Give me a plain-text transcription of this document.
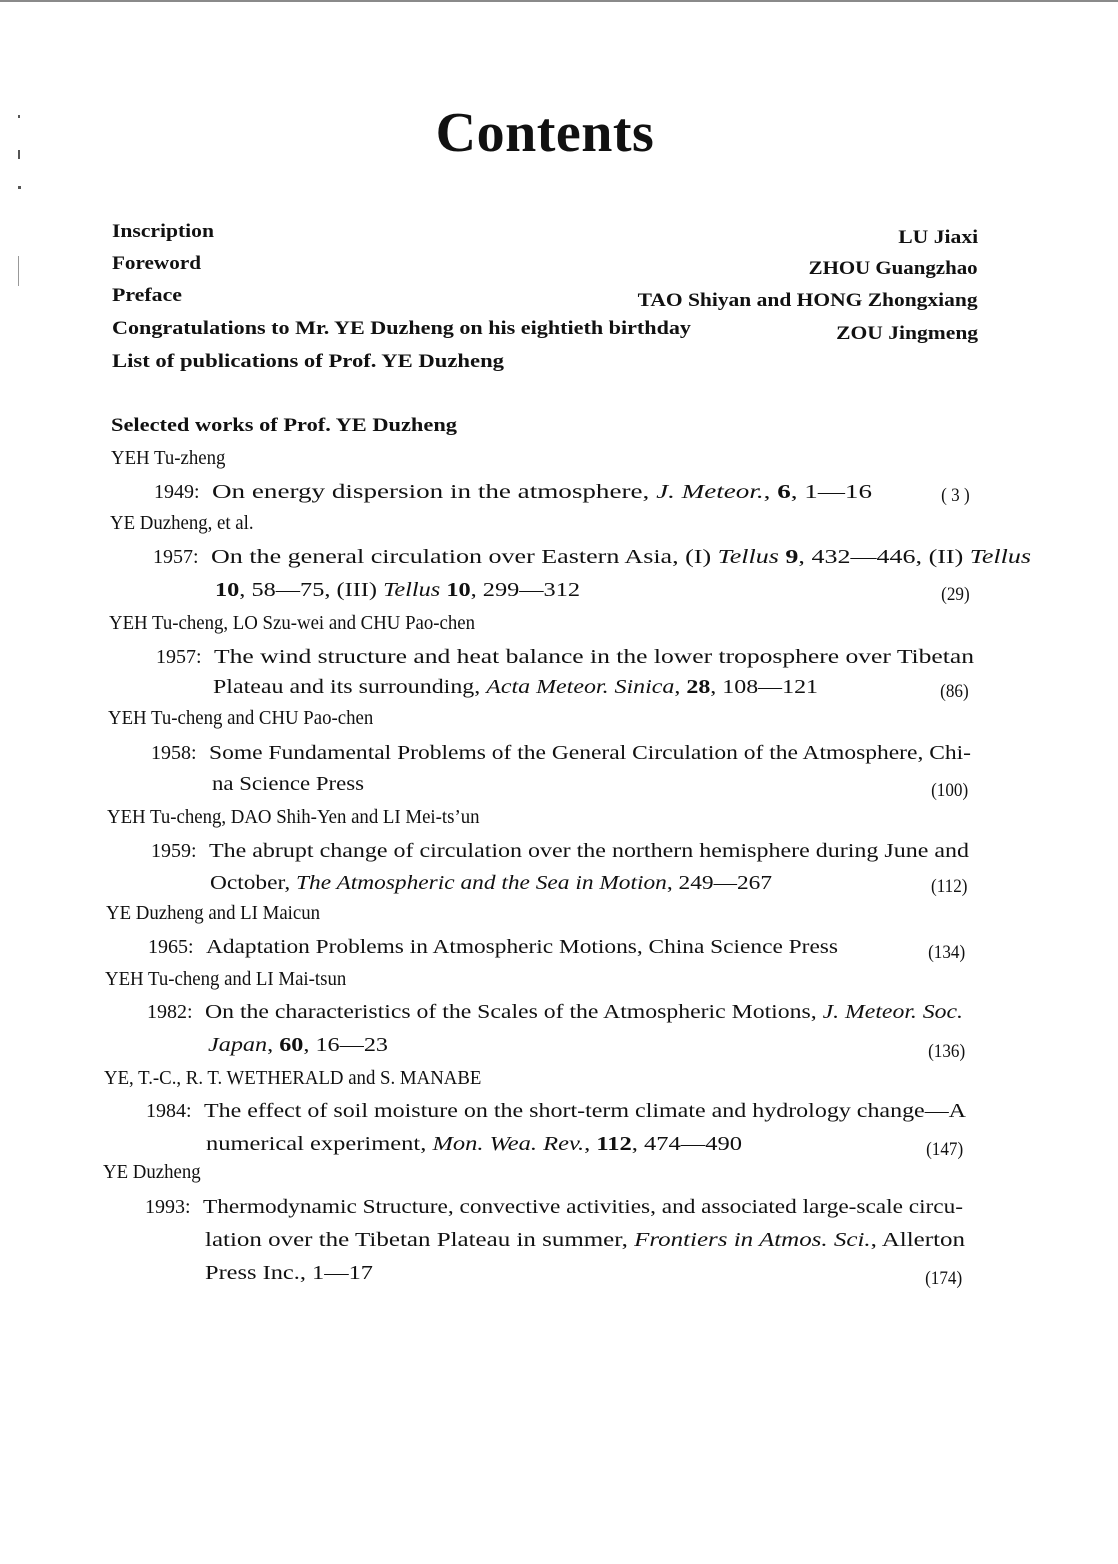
Contents
Inscription	LU Jiaxi
Foreword	ZHOU Guangzhao
Preface	TAO Shiyan and HONG Zhongxiang
Congratulations to Mr. YE Duzheng on his eightieth birthday	ZOU Jingmeng
List of publications of Prof. YE Duzheng
Selected works of Prof. YE Duzheng
YEH Tu-zheng
1949: On energy dispersion in the atmosphere, J. Meteor., 6, 1—16	( 3 )
YE Duzheng, et al.
1957: On the general circulation over Eastern Asia, (I) Tellus 9, 432—446, (II) Tellus
10, 58—75, (III) Tellus 10, 299—312	(29)
YEH Tu-cheng, LO Szu-wei and CHU Pao-chen
1957: The wind structure and heat balance in the lower troposphere over Tibetan
Plateau and its surrounding, Acta Meteor. Sinica, 28, 108—121	(86)
YEH Tu-cheng and CHU Pao-chen
1958: Some Fundamental Problems of the General Circulation of the Atmosphere, Chi-
na Science Press	(100)
YEH Tu-cheng, DAO Shih-Yen and LI Mei-ts’un
1959: The abrupt change of circulation over the northern hemisphere during June and
October, The Atmospheric and the Sea in Motion, 249—267	(112)
YE Duzheng and LI Maicun
1965: Adaptation Problems in Atmospheric Motions, China Science Press	(134)
YEH Tu-cheng and LI Mai-tsun
1982: On the characteristics of the Scales of the Atmospheric Motions, J. Meteor. Soc.
Japan, 60, 16—23	(136)
YE, T.-C., R. T. WETHERALD and S. MANABE
1984: The effect of soil moisture on the short-term climate and hydrology change—A
numerical experiment, Mon. Wea. Rev., 112, 474—490	(147)
YE Duzheng
1993: Thermodynamic Structure, convective activities, and associated large-scale circu-
lation over the Tibetan Plateau in summer, Frontiers in Atmos. Sci., Allerton
Press Inc., 1—17	(174)
